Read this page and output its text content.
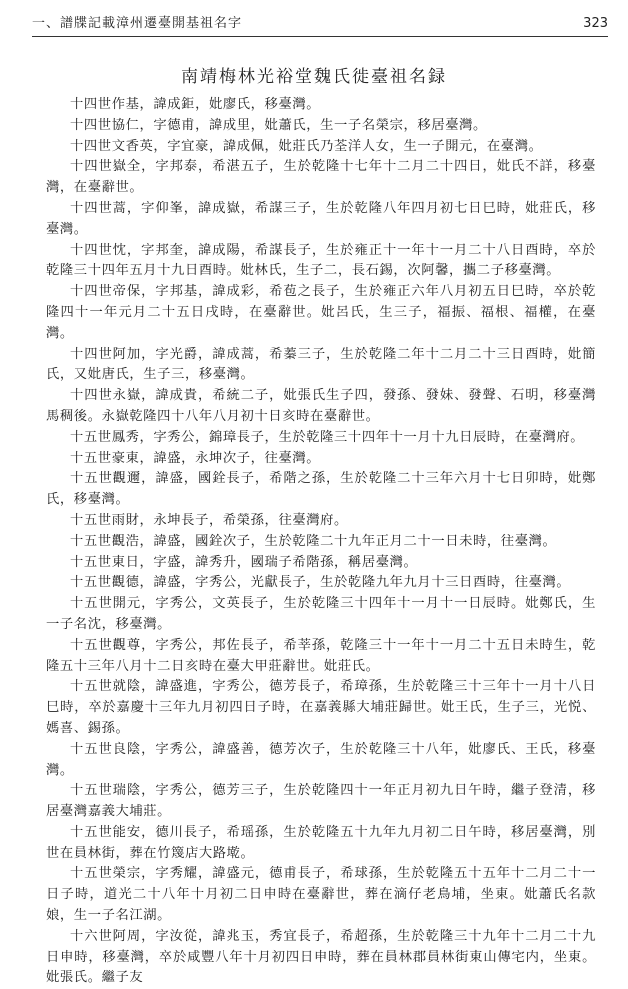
一、譜牒記載漳州遷臺開基祖名字	323
南靖梅林光裕堂魏氏徙臺祖名録

十四世作基，諱成鉅，妣廖氏，移臺灣。

十四世協仁，字德甫，諱成里，妣蕭氏，生一子名榮宗，移居臺灣。

十四世文香英，字宜豪，諱成佩，妣莊氏乃荃洋人女，生一子開元，在臺灣。

十四世嶽全，字邦泰，希湛五子，生於乾隆十七年十二月二十四日，妣氏不詳，移臺灣，在臺辭世。

十四世蒿，字仰峯，諱成嶽，希謀三子，生於乾隆八年四月初七日巳時，妣莊氏，移臺灣。

十四世忱，字邦奎，諱成陽，希謀長子，生於雍正十一年十一月二十八日酉時，卒於乾隆三十四年五月十九日酉時。妣林氏，生子二，長石錫，次阿馨，攜二子移臺灣。

十四世帝保，字邦基，諱成彩，希苞之長子，生於雍正六年八月初五日巳時，卒於乾隆四十一年元月二十五日戌時，在臺辭世。妣呂氏，生三子，福振、福根、福權，在臺灣。

十四世阿加，字光爵，諱成蒿，希蓁三子，生於乾隆二年十二月二十三日酉時，妣簡氏，又妣唐氏，生子三，移臺灣。

十四世永嶽，諱成貴，希統二子，妣張氏生子四，發孫、發妹、發聲、石明，移臺灣馬稠後。永嶽乾隆四十八年八月初十日亥時在臺辭世。

十五世鳳秀，字秀公，錦璋長子，生於乾隆三十四年十一月十九日辰時，在臺灣府。

十五世豪東，諱盛，永坤次子，往臺灣。

十五世觀邇，諱盛，國銓長子，希階之孫，生於乾隆二十三年六月十七日卯時，妣鄭氏，移臺灣。

十五世雨財，永坤長子，希榮孫，往臺灣府。

十五世觀浩，諱盛，國銓次子，生於乾隆二十九年正月二十一日未時，往臺灣。

十五世東日，字盛，諱秀升，國瑞子希階孫，稱居臺灣。

十五世觀德，諱盛，字秀公，光獻長子，生於乾隆九年九月十三日酉時，往臺灣。

十五世開元，字秀公，文英長子，生於乾隆三十四年十一月十一日辰時。妣鄭氏，生一子名沈，移臺灣。

十五世觀尊，字秀公，邦佐長子，希莘孫，乾隆三十一年十一月二十五日未時生，乾隆五十三年八月十二日亥時在臺大甲莊辭世。妣莊氏。

十五世就陰，諱盛進，字秀公，德芳長子，希璋孫，生於乾隆三十三年十一月十八日巳時，卒於嘉慶十三年九月初四日子時，在嘉義縣大埔莊歸世。妣王氏，生子三，光悦、媽喜、錫孫。

十五世良陰，字秀公，諱盛善，德芳次子，生於乾隆三十八年，妣廖氏、王氏，移臺灣。

十五世瑞陰，字秀公，德芳三子，生於乾隆四十一年正月初九日午時，繼子登清，移居臺灣嘉義大埔莊。

十五世能安，德川長子，希瑶孫，生於乾隆五十九年九月初二日午時，移居臺灣，別世在員林街，葬在竹篾店大路墘。

十五世榮宗，字秀耀，諱盛元，德甫長子，希球孫，生於乾隆五十五年十二月二十一日子時，道光二十八年十月初二日申時在臺辭世，葬在滴仔老鳥埔，坐東。妣蕭氏名款娘，生一子名江湖。

十六世阿周，字汝從，諱兆玉，秀宜長子，希超孫，生於乾隆三十九年十二月二十九日申時，移臺灣，卒於咸豐八年十月初四日申時，葬在員林郡員林街東山傳宅内，坐東。妣張氏。繼子友
